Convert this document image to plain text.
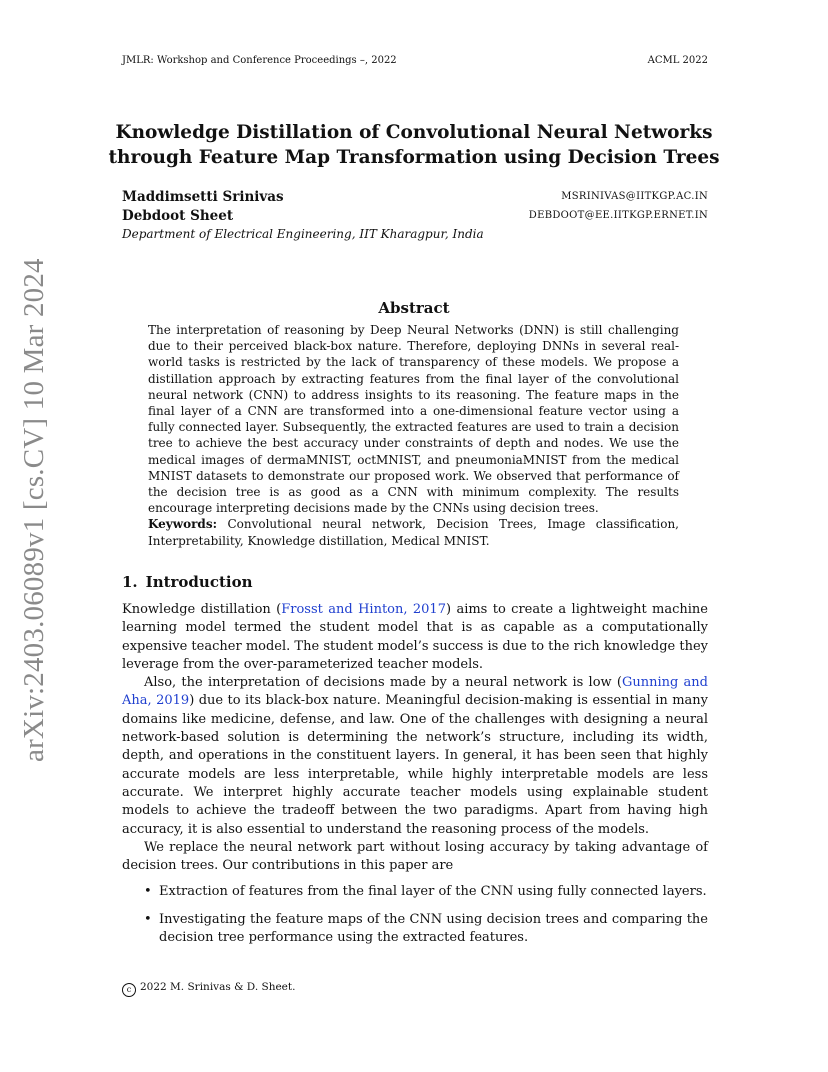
JMLR: Workshop and Conference Proceedings –, 2022	ACML 2022
Knowledge Distillation of Convolutional Neural Networks
through Feature Map Transformation using Decision Trees
Maddimsetti Srinivas	MSRINIVAS@IITKGP.AC.IN
Debdoot Sheet	DEBDOOT@EE.IITKGP.ERNET.IN
Department of Electrical Engineering, IIT Kharagpur, India
arXiv:2403.06089v1 [cs.CV] 10 Mar 2024	Abstract

The interpretation of reasoning by Deep Neural Networks (DNN) is still challenging due to their perceived black-box nature. Therefore, deploying DNNs in several real-world tasks is restricted by the lack of transparency of these models. We propose a distillation approach by extracting features from the final layer of the convolutional neural network (CNN) to address insights to its reasoning. The feature maps in the final layer of a CNN are transformed into a one-dimensional feature vector using a fully connected layer. Subsequently, the extracted features are used to train a decision tree to achieve the best accuracy under constraints of depth and nodes. We use the medical images of dermaMNIST, octMNIST, and pneumoniaMNIST from the medical MNIST datasets to demonstrate our proposed work. We observed that performance of the decision tree is as good as a CNN with minimum complexity. The results encourage interpreting decisions made by the CNNs using decision trees.

Keywords: Convolutional neural network, Decision Trees, Image classification, Interpretability, Knowledge distillation, Medical MNIST.

1. Introduction

Knowledge distillation (Frosst and Hinton, 2017) aims to create a lightweight machine learning model termed the student model that is as capable as a computationally expensive teacher model. The student model’s success is due to the rich knowledge they leverage from the over-parameterized teacher models.

Also, the interpretation of decisions made by a neural network is low (Gunning and Aha, 2019) due to its black-box nature. Meaningful decision-making is essential in many domains like medicine, defense, and law. One of the challenges with designing a neural network-based solution is determining the network’s structure, including its width, depth, and operations in the constituent layers. In general, it has been seen that highly accurate models are less interpretable, while highly interpretable models are less accurate. We interpret highly accurate teacher models using explainable student models to achieve the tradeoff between the two paradigms. Apart from having high accuracy, it is also essential to understand the reasoning process of the models.

We replace the neural network part without losing accuracy by taking advantage of decision trees. Our contributions in this paper are

• Extraction of features from the final layer of the CNN using fully connected layers.
• Investigating the feature maps of the CNN using decision trees and comparing the decision tree performance using the extracted features.
c 2022 M. Srinivas & D. Sheet.
